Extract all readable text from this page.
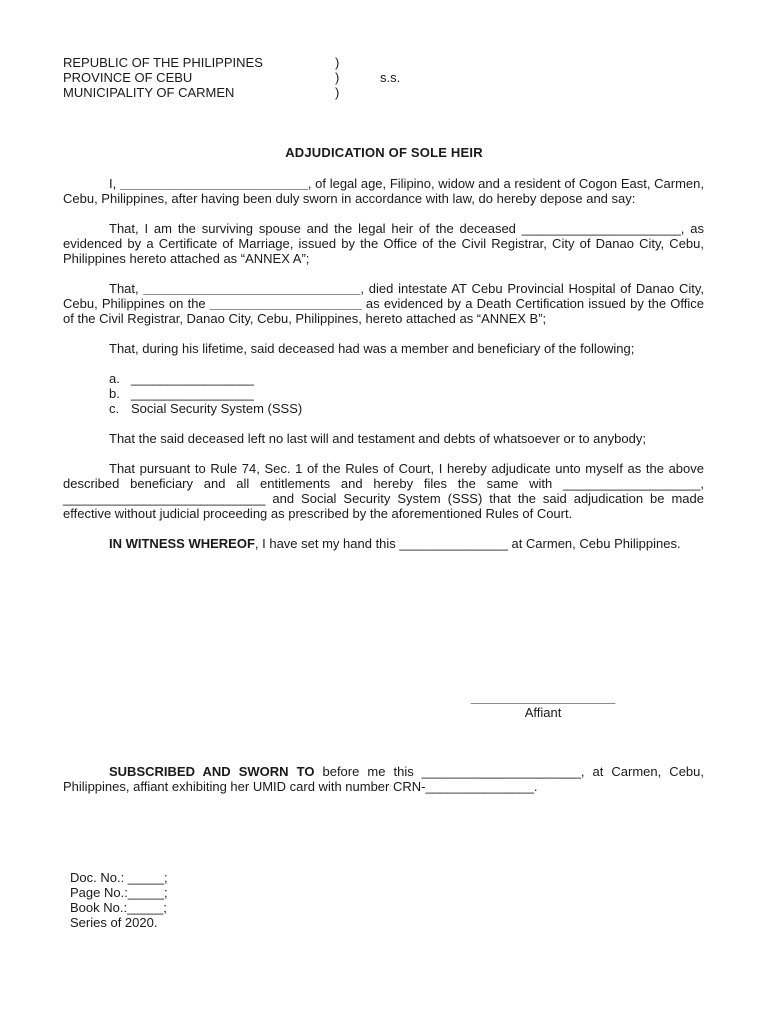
REPUBLIC OF THE PHILIPPINES	)
PROVINCE OF CEBU	)	s.s.
MUNICIPALITY OF CARMEN	)
ADJUDICATION OF SOLE HEIR

I, __________________________, of legal age, Filipino, widow and a resident of Cogon East, Carmen, Cebu, Philippines, after having been duly sworn in accordance with law, do hereby depose and say:

That, I am the surviving spouse and the legal heir of the deceased ______________________, as evidenced by a Certificate of Marriage, issued by the Office of the Civil Registrar, City of Danao City, Cebu, Philippines hereto attached as “ANNEX A”;

That, ______________________________, died intestate AT Cebu Provincial Hospital of Danao City, Cebu, Philippines on the _____________________ as evidenced by a Death Certification issued by the Office of the Civil Registrar, Danao City, Cebu, Philippines, hereto attached as “ANNEX B”;

That, during his lifetime, said deceased had was a member and beneficiary of the following;

a. _________________
b. _________________
c. Social Security System (SSS)

That the said deceased left no last will and testament and debts of whatsoever or to anybody;

That pursuant to Rule 74, Sec. 1 of the Rules of Court, I hereby adjudicate unto myself as the above described beneficiary and all entitlements and hereby files the same with ___________________, ____________________________ and Social Security System (SSS) that the said adjudication be made effective without judicial proceeding as prescribed by the aforementioned Rules of Court.

IN WITNESS WHEREOF, I have set my hand this _______________ at Carmen, Cebu Philippines.

____________________
Affiant

SUBSCRIBED AND SWORN TO before me this ______________________, at Carmen, Cebu, Philippines, affiant exhibiting her UMID card with number CRN-_______________.

Doc. No.: _____;
Page No.:_____;
Book No.:_____;
Series of 2020.
